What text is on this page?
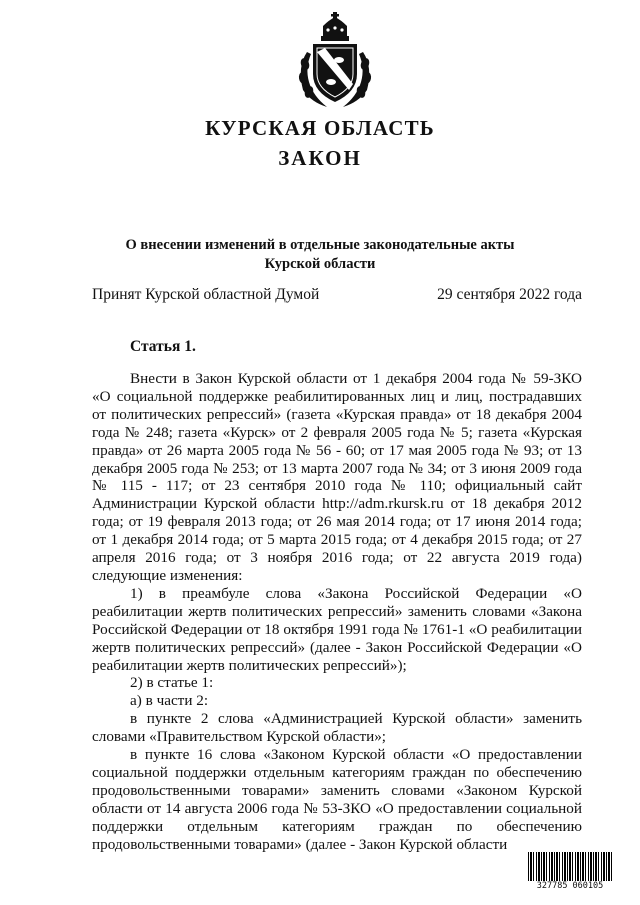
КУРСКАЯ ОБЛАСТЬ
ЗАКОН
О внесении изменений в отдельные законодательные акты
Курской области
Принят Курской областной Думой	29 сентября 2022 года
Статья 1.

Внести в Закон Курской области от 1 декабря 2004 года № 59-ЗКО «О социальной поддержке реабилитированных лиц и лиц, пострадавших от политических репрессий» (газета «Курская правда» от 18 декабря 2004 года № 248; газета «Курск» от 2 февраля 2005 года № 5; газета «Курская правда» от 26 марта 2005 года № 56 - 60; от 17 мая 2005 года № 93; от 13 декабря 2005 года № 253; от 13 марта 2007 года № 34; от 3 июня 2009 года № 115 - 117; от 23 сентября 2010 года № 110; официальный сайт Администрации Курской области http://adm.rkursk.ru от 18 декабря 2012 года; от 19 февраля 2013 года; от 26 мая 2014 года; от 17 июня 2014 года; от 1 декабря 2014 года; от 5 марта 2015 года; от 4 декабря 2015 года; от 27 апреля 2016 года; от 3 ноября 2016 года; от 22 августа 2019 года) следующие изменения:

1) в преамбуле слова «Закона Российской Федерации «О реабилитации жертв политических репрессий» заменить словами «Закона Российской Федерации от 18 октября 1991 года № 1761-1 «О реабилитации жертв политических репрессий» (далее - Закон Российской Федерации «О реабилитации жертв политических репрессий»);

2) в статье 1:

а) в части 2:

в пункте 2 слова «Администрацией Курской области» заменить словами «Правительством Курской области»;

в пункте 16 слова «Законом Курской области «О предоставлении социальной поддержки отдельным категориям граждан по обеспечению продовольственными товарами» заменить словами «Законом Курской области от 14 августа 2006 года № 53-ЗКО «О предоставлении социальной поддержки отдельным категориям граждан по обеспечению продовольственными товарами» (далее - Закон Курской области

327785 060105
